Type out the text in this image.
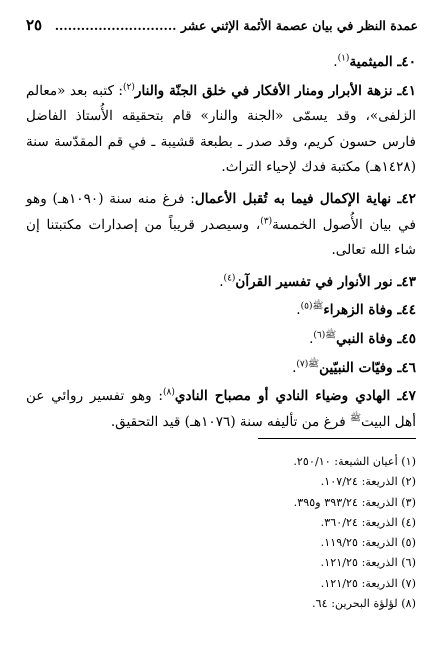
عمدة النظر في بيان عصمة الأئمة الإثني عشر ............................
٢٥

٤٠ـ الميثمية$^{(١)}$.

٤١ـ نزهة الأبرار ومنار الأفكار في خلق الجنّة والنار$^{(٢)}$: كتبه بعد «معالم الزلفى»، وقد يسمّى «الجنة والنار» قام بتحقيقه الأُستاذ الفاضل فارس حسون كريم، وقد صدر ـ بطبعة قشيبة ـ في قم المقدّسة سنة (١٤٢٨هـ) مكتبة فدك لإحياء التراث.

٤٢ـ نهاية الإكمال فيما به تُقبل الأعمال: فرغ منه سنة (١٠٩٠هـ) وهو في بيان الأُصول الخمسة$^{(٣)}$، وسيصدر قريباً من إصدارات مكتبتنا إن شاء الله تعالى.

٤٣ـ نور الأنوار في تفسير القرآن$^{(٤)}$.

٤٤ـ وفاة الزهراء$^{ﷺ(٥)}$.

٤٥ـ وفاة النبي$^{ﷺ(٦)}$.

٤٦ـ وفيّات النبيّين$^{ﷺ(٧)}$.

٤٧ـ الهادي وضياء النادي أو مصباح النادي$^{(٨)}$: وهو تفسير روائي عن أهل البيت$^ﷺ$ فرغ من تأليفه سنة (١٠٧٦هـ) قيد التحقيق.

(١) أعيان الشيعة: ٢٥٠/١٠.
(٢) الذريعة: ١٠٧/٢٤.
(٣) الذريعة: ٣٩٣/٢٤ و٣٩٥.
(٤) الذريعة: ٣٦٠/٢٤.
(٥) الذريعة: ١١٩/٢٥.
(٦) الذريعة: ١٢١/٢٥.
(٧) الذريعة: ١٢١/٢٥.
(٨) لؤلؤة البحرين: ٦٤.
